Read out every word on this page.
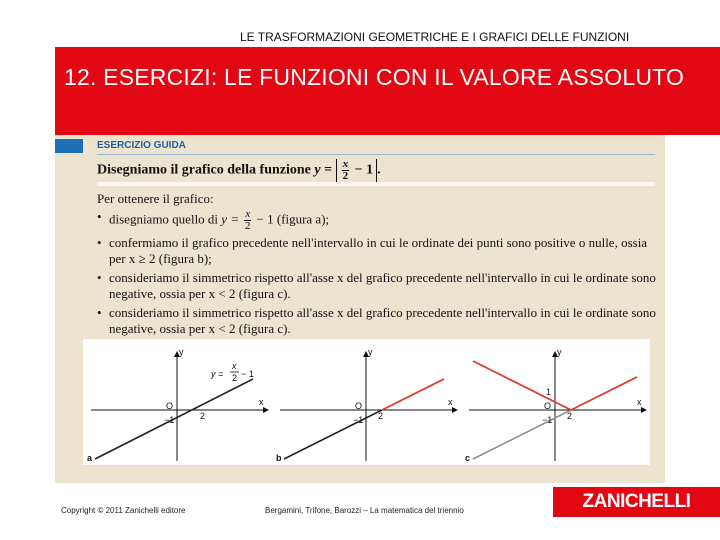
LE TRASFORMAZIONI GEOMETRICHE E I GRAFICI DELLE FUNZIONI
12. ESERCIZI: LE FUNZIONI CON IL VALORE ASSOLUTO
ESERCIZIO GUIDA
Disegniamo il grafico della funzione $y = \frac{x}{2} - 1$ .
Per ottenere il grafico:
• disegniamo quello di $y = \frac{x}{2} - 1$ (figura a);
• confermiamo il grafico precedente nell'intervallo in cui le ordinate dei punti sono positive o nulle, ossia per x ≥ 2 (figura b);
• consideriamo il simmetrico rispetto all'asse x del grafico precedente nell'intervallo in cui le ordinate sono negative, ossia per x < 2 (figura c).
• consideriamo il simmetrico rispetto all'asse x del grafico precedente nell'intervallo in cui le ordinate sono negative, ossia per x < 2 (figura c).
y
x
O
2
−1
y =
x
2 − 1
a
y
x
O
2
−1
b
y
x
O
2
−1
1
c
Copyright © 2011 Zanichelli editore	Bergamini, Trifone, Barozzi – La matematica del triennio	ZANICHELLI
